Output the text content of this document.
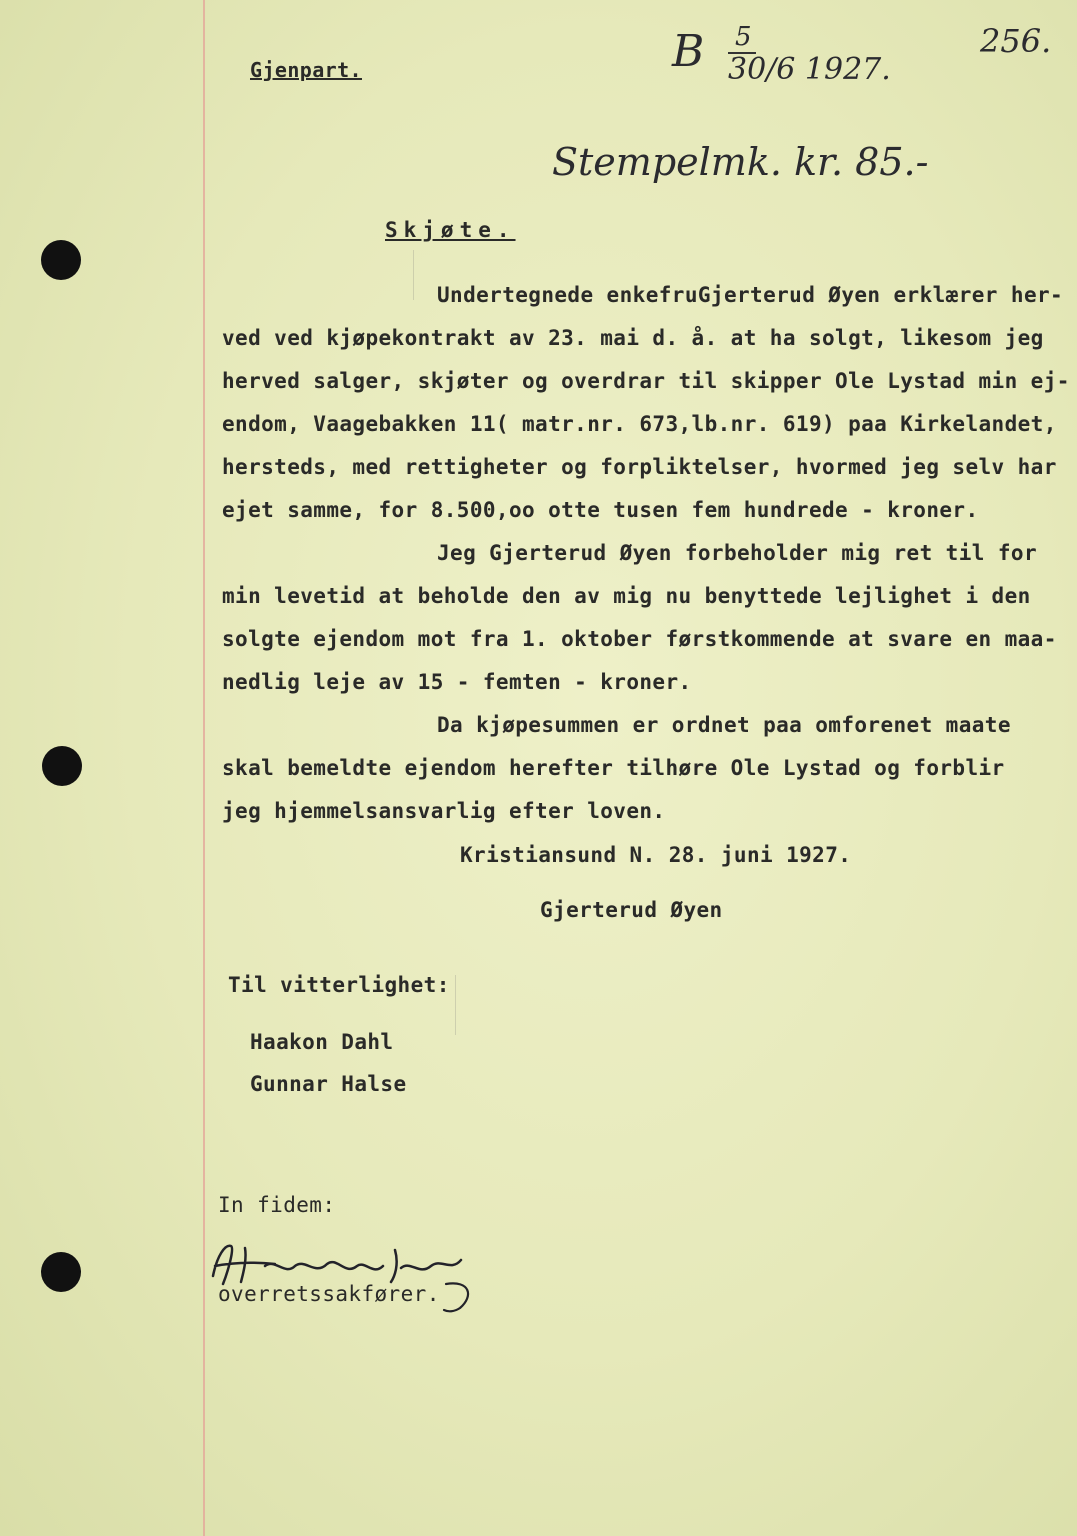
Gjenpart.	B 5
30/6 1927.
256.
Stempelmk. kr. 85.-
Skjøte.
Undertegnede enkefruGjerterud Øyen erklærer her-
ved ved kjøpekontrakt av 23. mai d. å. at ha solgt, likesom jeg
herved salger, skjøter og overdrar til skipper Ole Lystad min ej-
endom, Vaagebakken 11( matr.nr. 673,lb.nr. 619) paa Kirkelandet,
hersteds, med rettigheter og forpliktelser, hvormed jeg selv har
ejet samme, for 8.500,oo otte tusen fem hundrede - kroner.
Jeg Gjerterud Øyen forbeholder mig ret til for
min levetid at beholde den av mig nu benyttede lejlighet i den
solgte ejendom mot fra 1. oktober førstkommende at svare en maa-
nedlig leje av 15 - femten - kroner.
Da kjøpesummen er ordnet paa omforenet maate
skal bemeldte ejendom herefter tilhøre Ole Lystad og forblir
jeg hjemmelsansvarlig efter loven.
Kristiansund N. 28. juni 1927.
Gjerterud Øyen
Til vitterlighet:
Haakon Dahl
Gunnar Halse
In fidem:
overretssakfører.
